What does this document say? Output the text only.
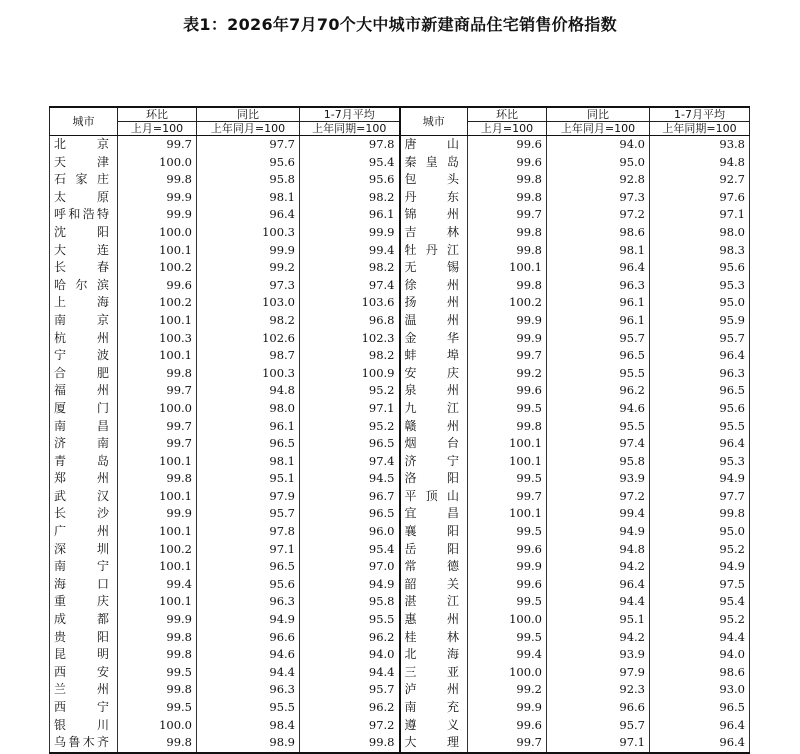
表1：2026年7月70个大中城市新建商品住宅销售价格指数
城市	环比	同比	1-7月平均	城市	环比	同比	1-7月平均
	上月=100	上年同月=100	上年同期=100		上月=100	上年同月=100	上年同期=100
北京	99.7	97.7	97.8	唐山	99.6	94.0	93.8
天津	100.0	95.6	95.4	秦皇岛	99.6	95.0	94.8
石家庄	99.8	95.8	95.6	包头	99.8	92.8	92.7
太原	99.9	98.1	98.2	丹东	99.8	97.3	97.6
呼和浩特	99.9	96.4	96.1	锦州	99.7	97.2	97.1
沈阳	100.0	100.3	99.9	吉林	99.8	98.6	98.0
大连	100.1	99.9	99.4	牡丹江	99.8	98.1	98.3
长春	100.2	99.2	98.2	无锡	100.1	96.4	95.6
哈尔滨	99.6	97.3	97.4	徐州	99.8	96.3	95.3
上海	100.2	103.0	103.6	扬州	100.2	96.1	95.0
南京	100.1	98.2	96.8	温州	99.9	96.1	95.9
杭州	100.3	102.6	102.3	金华	99.9	95.7	95.7
宁波	100.1	98.7	98.2	蚌埠	99.7	96.5	96.4
合肥	99.8	100.3	100.9	安庆	99.2	95.5	96.3
福州	99.7	94.8	95.2	泉州	99.6	96.2	96.5
厦门	100.0	98.0	97.1	九江	99.5	94.6	95.6
南昌	99.7	96.1	95.2	赣州	99.8	95.5	95.5
济南	99.7	96.5	96.5	烟台	100.1	97.4	96.4
青岛	100.1	98.1	97.4	济宁	100.1	95.8	95.3
郑州	99.8	95.1	94.5	洛阳	99.5	93.9	94.9
武汉	100.1	97.9	96.7	平顶山	99.7	97.2	97.7
长沙	99.9	95.7	96.5	宜昌	100.1	99.4	99.8
广州	100.1	97.8	96.0	襄阳	99.5	94.9	95.0
深圳	100.2	97.1	95.4	岳阳	99.6	94.8	95.2
南宁	100.1	96.5	97.0	常德	99.9	94.2	94.9
海口	99.4	95.6	94.9	韶关	99.6	96.4	97.5
重庆	100.1	96.3	95.8	湛江	99.5	94.4	95.4
成都	99.9	94.9	95.5	惠州	100.0	95.1	95.2
贵阳	99.8	96.6	96.2	桂林	99.5	94.2	94.4
昆明	99.8	94.6	94.0	北海	99.4	93.9	94.0
西安	99.5	94.4	94.4	三亚	100.0	97.9	98.6
兰州	99.8	96.3	95.7	泸州	99.2	92.3	93.0
西宁	99.5	95.5	96.2	南充	99.9	96.6	96.5
银川	100.0	98.4	97.2	遵义	99.6	95.7	96.4
乌鲁木齐	99.8	98.9	99.8	大理	99.7	97.1	96.4
